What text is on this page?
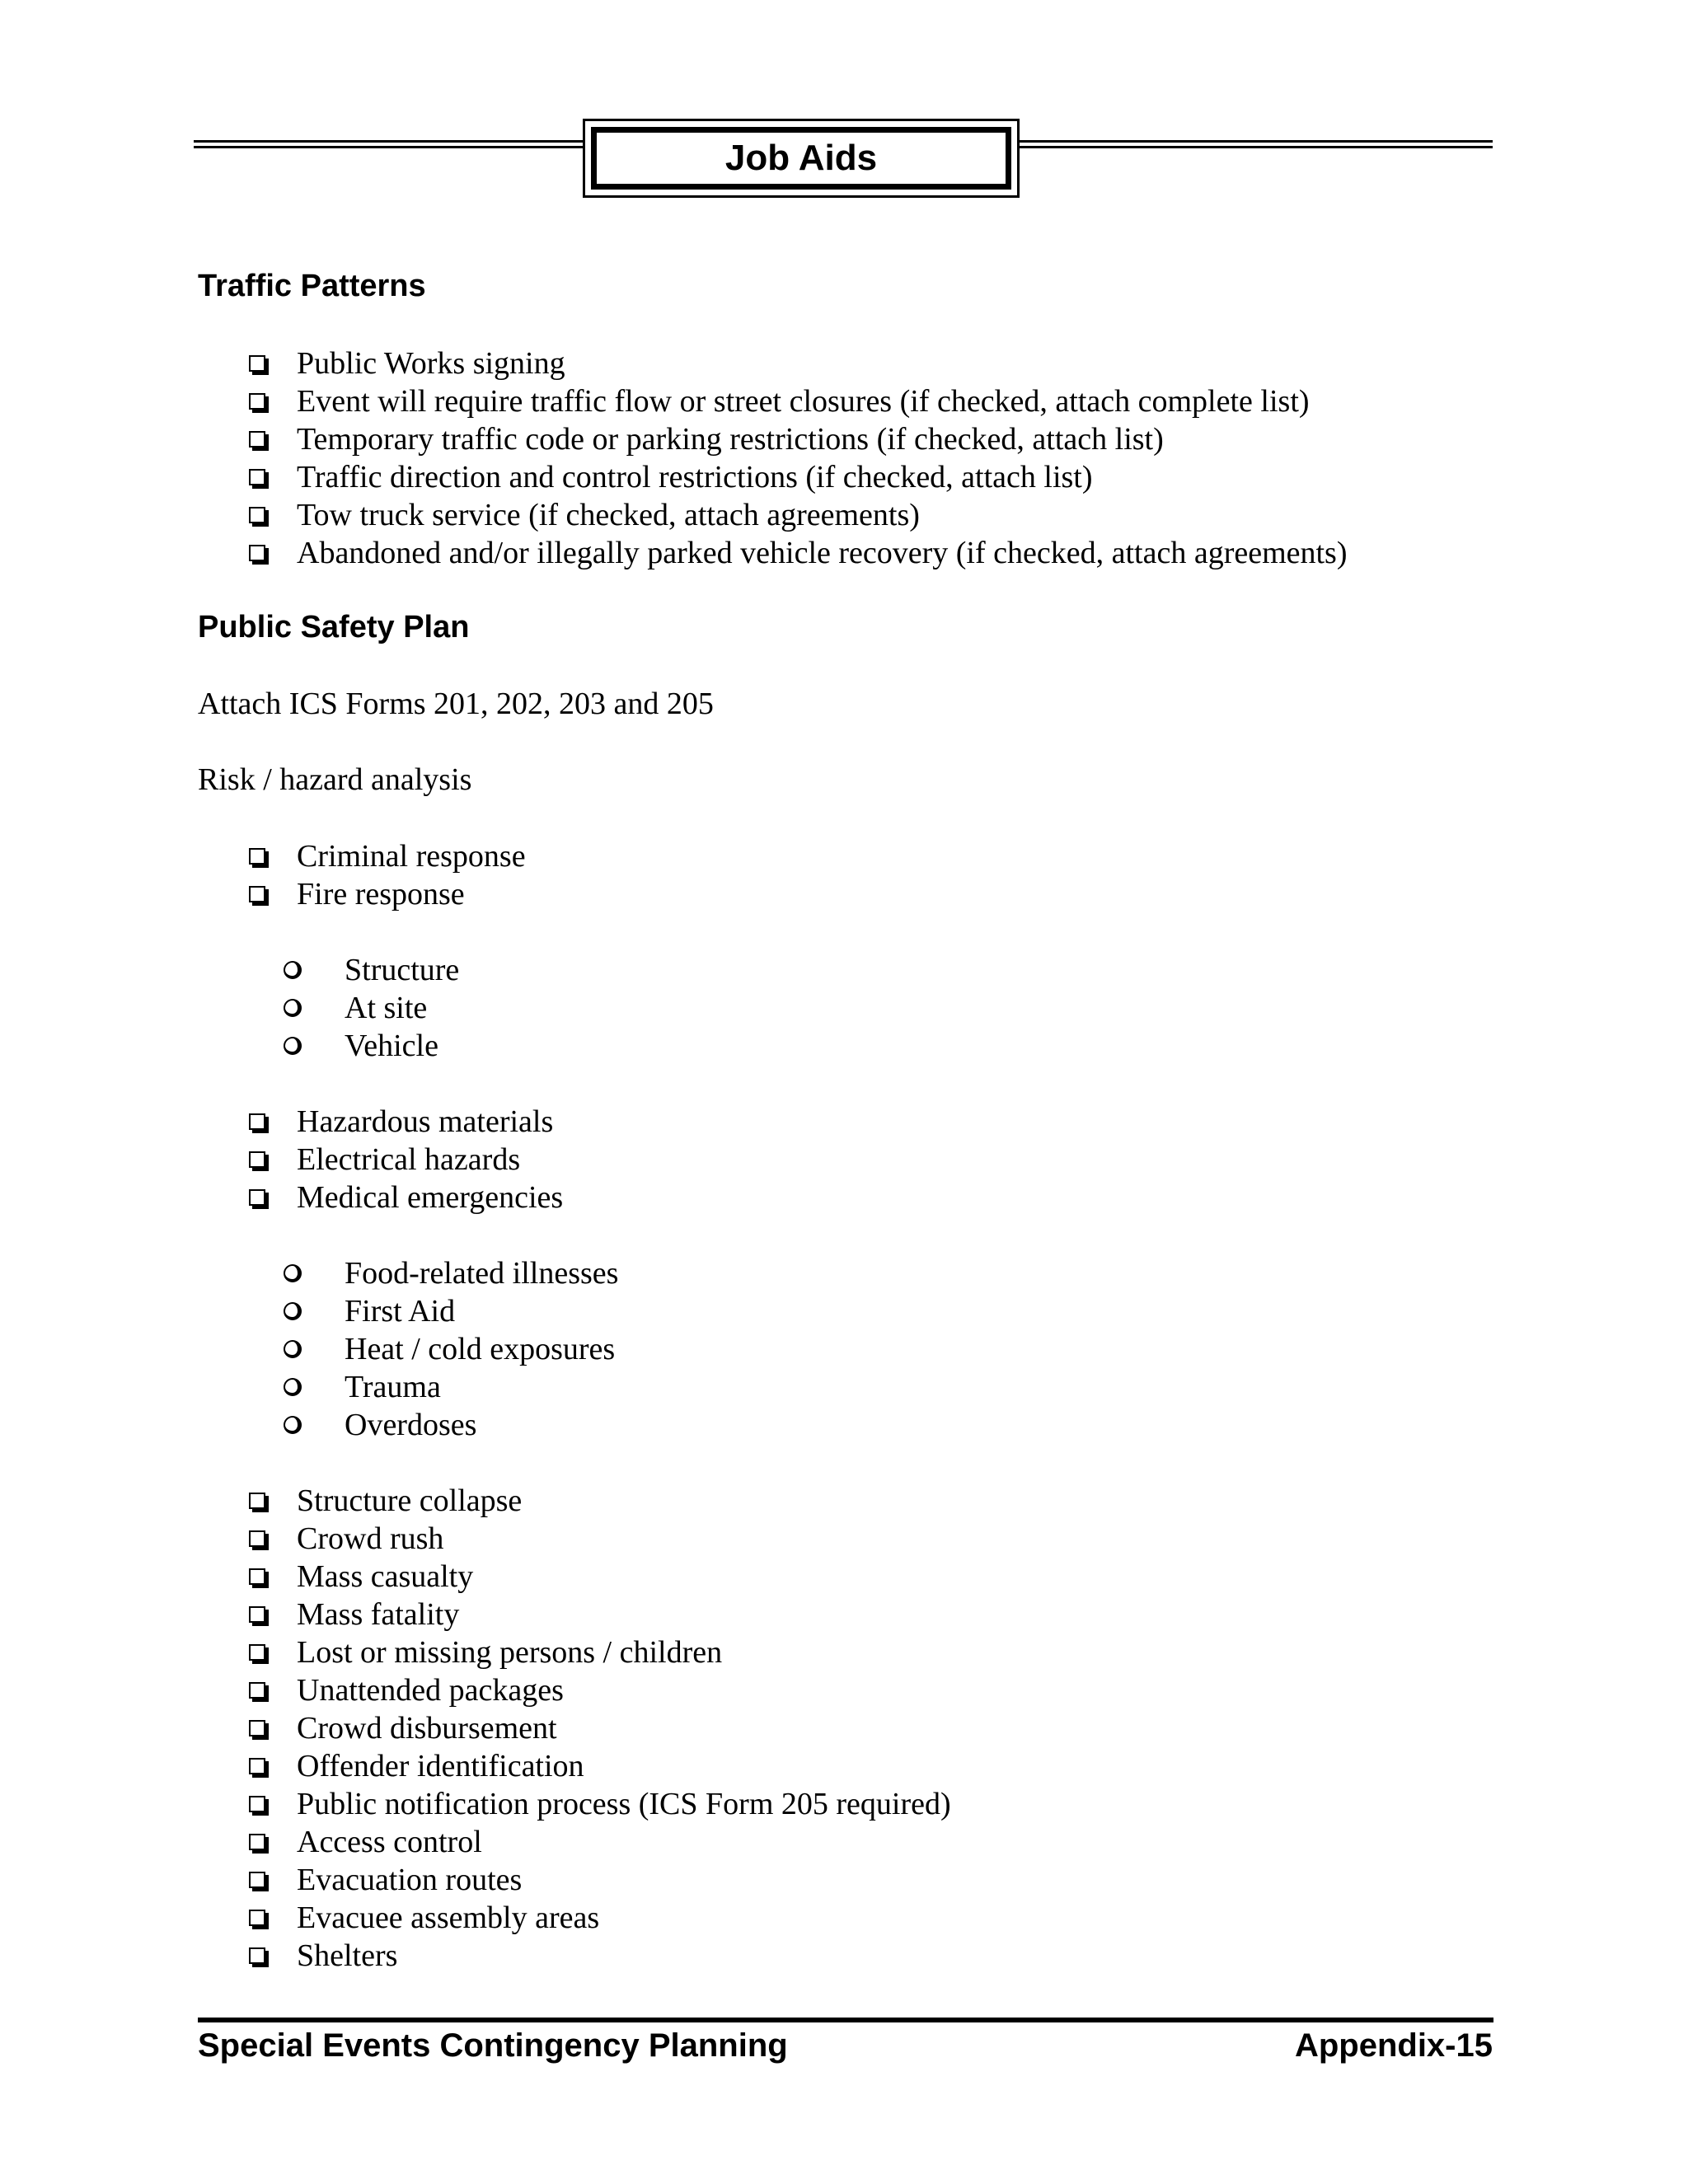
Job Aids
Traffic Patterns
Public Works signing
Event will require traffic flow or street closures (if checked, attach complete list)
Temporary traffic code or parking restrictions (if checked, attach list)
Traffic direction and control restrictions (if checked, attach list)
Tow truck service (if checked, attach agreements)
Abandoned and/or illegally parked vehicle recovery (if checked, attach agreements)
Public Safety Plan
Attach ICS Forms 201, 202, 203 and 205
Risk / hazard analysis
Criminal response
Fire response
Structure
At site
Vehicle
Hazardous materials
Electrical hazards
Medical emergencies
Food-related illnesses
First Aid
Heat / cold exposures
Trauma
Overdoses
Structure collapse
Crowd rush
Mass casualty
Mass fatality
Lost or missing persons / children
Unattended packages
Crowd disbursement
Offender identification
Public notification process (ICS Form 205 required)
Access control
Evacuation routes
Evacuee assembly areas
Shelters
Special Events Contingency Planning	Appendix-15
